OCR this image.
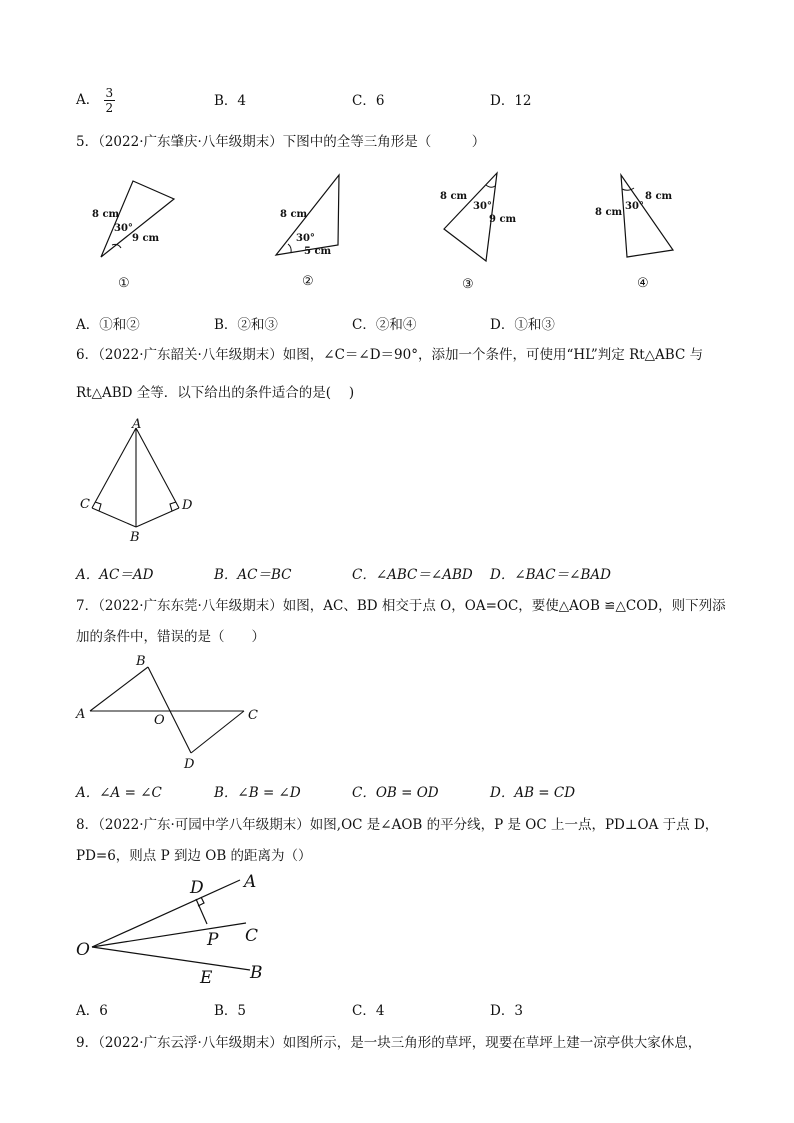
A． $\frac{3}{2}$	B．4	C．6	D．12
5．（2022·广东肇庆·八年级期末）下图中的全等三角形是（　　　）
8 cm
30°
9 cm
①
8 cm
30°
5 cm
②
8 cm
30°
9 cm
③
8 cm
30°
8 cm
④
A．①和②	B．②和③	C．②和④	D．①和③
6．（2022·广东韶关·八年级期末）如图，∠C＝∠D＝90°，添加一个条件，可使用“HL”判定 Rt△ABC 与
Rt△ABD 全等．以下给出的条件适合的是(　 )
A
C	D
B
A．AC＝AD	B．AC＝BC	C．∠ABC＝∠ABD D．∠BAC＝∠BAD
7．（2022·广东东莞·八年级期末）如图，AC、BD 相交于点 O，OA=OC，要使△AOB ≌△COD，则下列添
加的条件中，错误的是（　　）
B
A	O	C
D
A．∠A = ∠C	B．∠B = ∠D	C．OB = OD	D．AB = CD
8．（2022·广东·可园中学八年级期末）如图,OC 是∠AOB 的平分线，P 是 OC 上一点，PD⊥OA 于点 D，
PD=6，则点 P 到边 OB 的距离为（）
O
D A
P C
E B
A．6	B．5	C．4	D．3
9．（2022·广东云浮·八年级期末）如图所示，是一块三角形的草坪，现要在草坪上建一凉亭供大家休息，
